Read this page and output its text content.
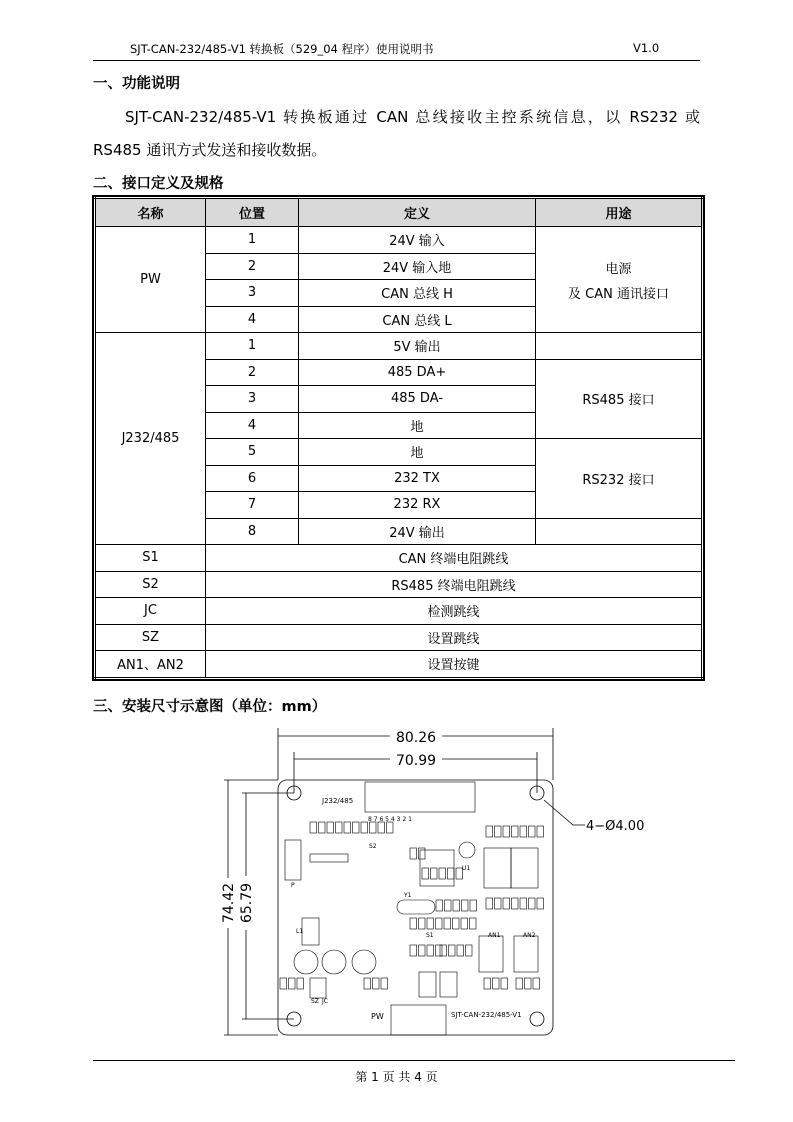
SJT-CAN-232/485-V1 转换板（529_04 程序）使用说明书	V1.0
一、功能说明
SJT-CAN-232/485-V1 转换板通过 CAN 总线接收主控系统信息，以 RS232 或
RS485 通讯方式发送和接收数据。
二、接口定义及规格
名称	位置	定义	用途
PW	1	24V 输入	电源
及 CAN 通讯接口

	2	24V 输入地	
	3	CAN 总线 H	
	4	CAN 总线 L	
J232/485	1	5V 输出	
	2	485 DA+	RS485 接口
	3	485 DA-	
	4	地	
	5	地	RS232 接口
	6	232 TX	
	7	232 RX	
	8	24V 输出	
S1	CAN 终端电阻跳线		
S2	RS485 终端电阻跳线		
JC	检测跳线		
SZ	设置跳线		
AN1、AN2	设置按键		
三、安装尺寸示意图（单位：mm）
80.26
70.99
74.42 65.79
4−Ø4.00
J232/485
8 7 6 5 4 3 2 1
P
U1
L1
S2
S1
Y1
AN1	AN2
SZ JC
PW	SJT-CAN-232/485-V1
第 1 页 共 4 页
